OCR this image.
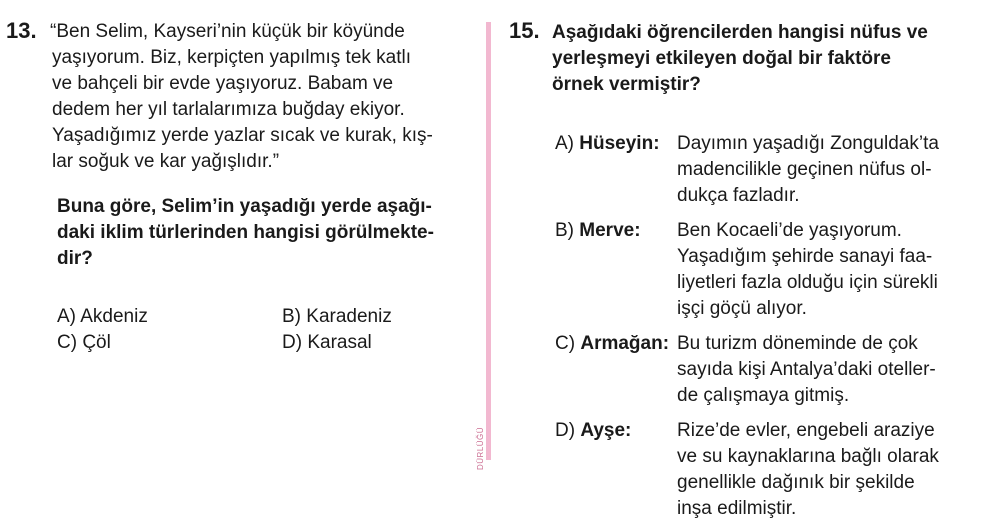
13. “Ben Selim, Kayseri’nin küçük bir köyünde
yaşıyorum. Biz, kerpiçten yapılmış tek katlı
ve bahçeli bir evde yaşıyoruz. Babam ve
dedem her yıl tarlalarımıza buğday ekiyor.
Yaşadığımız yerde yazlar sıcak ve kurak, kış-
lar soğuk ve kar yağışlıdır.”
Buna göre, Selim’in yaşadığı yerde aşağı-
daki iklim türlerinden hangisi görülmekte-
dir?
A) Akdeniz	B) Karadeniz
C) Çöl	D) Karasal
DÜRLÜĞÜ
15. Aşağıdaki öğrencilerden hangisi nüfus ve
yerleşmeyi etkileyen doğal bir faktöre
örnek vermiştir?
A) Hüseyin: Dayımın yaşadığı Zonguldak’ta
madencilikle geçinen nüfus ol-
dukça fazladır.
B) Merve: Ben Kocaeli’de yaşıyorum.
Yaşadığım şehirde sanayi faa-
liyetleri fazla olduğu için sürekli
işçi göçü alıyor.
C) Armağan: Bu turizm döneminde de çok
sayıda kişi Antalya’daki oteller-
de çalışmaya gitmiş.
D) Ayşe: Rize’de evler, engebeli araziye
ve su kaynaklarına bağlı olarak
genellikle dağınık bir şekilde
inşa edilmiştir.
